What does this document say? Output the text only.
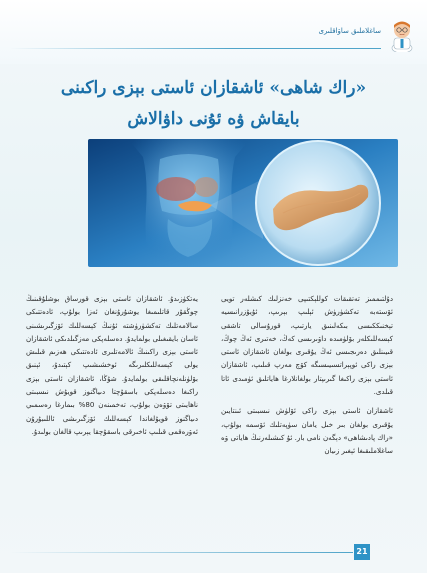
ساغلاملىق ساۋاقلىرى
«راك شاھى» ئاشقازان ئاستى بېزى راكىنى
بايقاش ۋە ئۇنى داۋالاش

دۇلتىممىز تەتقىقات كوللېكتىپى خەنزلىك كىشلەر تويى ئۆستەبە تەكشۈرۈش ئېلىپ بېرىپ، ئۇيۇزرانىسيە تېخنىككىسى بىكەلىنىق يارتىپ، قورۇسالى تاشقى كېسەللىكلەر بۆلۈمىدە داۋىرىسى كەڭ، خەتىرى ئەڭ چوڭ، قىيىنلىق دەرىجىسى ئەڭ يۇقىرى بولغان ئاشقازان ئاستى بېزى راكى ئوپېراتسىيىسىگە كۆچ مەرپ قىلىپ، ئاشقازان ئاستى بېزى راكىغا گىرىپتار بولغانلارغا ھاياتلىق ئۈمىدى ئاتا قىلدى.

ئاشقازان ئاستى بېزى راكى ئۆلۈش نىسبىتى ئىنتايىن يۇقىرى بولغان بىر خىل يامان سۈپەتلىك ئۆسمە بولۇپ، «راك پادىشاھى» دېگەن نامى بار. ئۇ كىشىلەرنىڭ ھاياتى ۋە ساغلاملىقىغا ئېغىر زىيان

يەتكۈزىدۇ. ئاشقازان ئاستى بېزى قورساق بوشلۇقىنىڭ چوڭقۇر قاتلىمىغا يوشۇرۇنغان ئەزا بولۇپ، ئادەتتىكى سالامەتلىك تەكشۈرۈشتە ئۇنىڭ كېسەللىك ئۆزگىرىشىنى ئاسان بايقىغىلى بولمايدۇ. دەسلەپكى مەزگىلدىكى ئاشقازان ئاستى بېزى راكىنىڭ ئالامەتلىرى ئادەتتىكى ھەزىم قىلىش يولى كېسەللىكلىرىگە ئوخشىشىپ كېتىدۇ، ئېنىق بۆلۈنلەنچاقلىقى بولمايدۇ. شۇڭا، ئاشقازان ئاستى بېزى راكىغا دەسلەپكى باسقۇچتا دىياگنوز قويۇش نىسبىتى ناھايىتى تۆۋەن بولۇپ، تەخمىنەن 80% بىمارغا رەسمىي دىياگنوز قويۇلغاندا كېسەللىك ئۆزگىرىشى ئاللىبۇرۇن ئەۋرەقمى قىلىپ ئاخىرقى باسقۇچقا يېرىپ قالغان بولىدۇ.

21
